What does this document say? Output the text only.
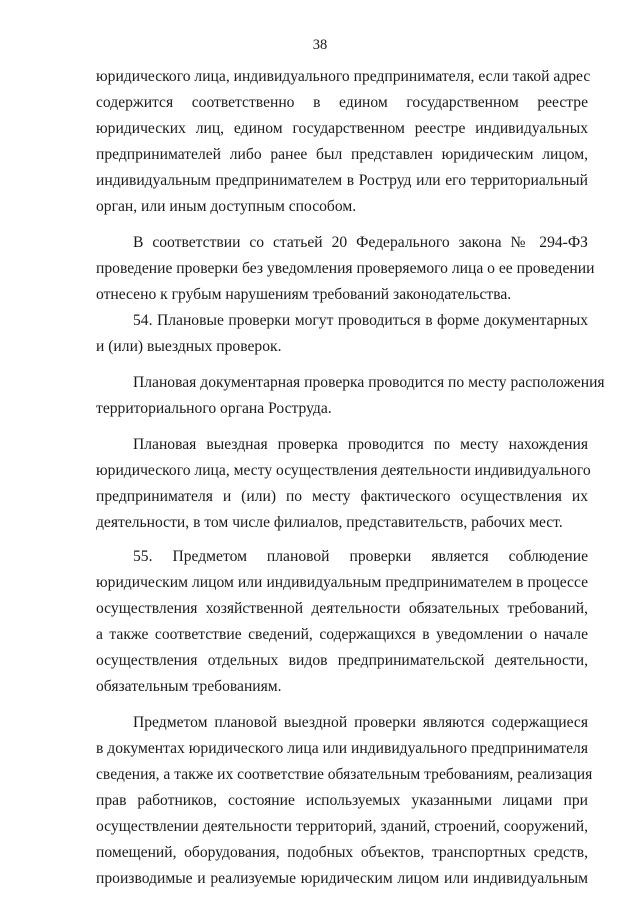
38

юридического лица, индивидуального предпринимателя, если такой адрес

содержится соответственно в едином государственном реестре

юридических лиц, едином государственном реестре индивидуальных

предпринимателей либо ранее был представлен юридическим лицом,

индивидуальным предпринимателем в Роструд или его территориальный

орган, или иным доступным способом.

В соответствии со статьей 20 Федерального закона № 294-ФЗ

проведение проверки без уведомления проверяемого лица о ее проведении

отнесено к грубым нарушениям требований законодательства.

54. Плановые проверки могут проводиться в форме документарных

и (или) выездных проверок.

Плановая документарная проверка проводится по месту расположения

территориального органа Роструда.

Плановая выездная проверка проводится по месту нахождения

юридического лица, месту осуществления деятельности индивидуального

предпринимателя и (или) по месту фактического осуществления их

деятельности, в том числе филиалов, представительств, рабочих мест.

55. Предметом плановой проверки является соблюдение

юридическим лицом или индивидуальным предпринимателем в процессе

осуществления хозяйственной деятельности обязательных требований,

а также соответствие сведений, содержащихся в уведомлении о начале

осуществления отдельных видов предпринимательской деятельности,

обязательным требованиям.

Предметом плановой выездной проверки являются содержащиеся

в документах юридического лица или индивидуального предпринимателя

сведения, а также их соответствие обязательным требованиям, реализация

прав работников, состояние используемых указанными лицами при

осуществлении деятельности территорий, зданий, строений, сооружений,

помещений, оборудования, подобных объектов, транспортных средств,

производимые и реализуемые юридическим лицом или индивидуальным
